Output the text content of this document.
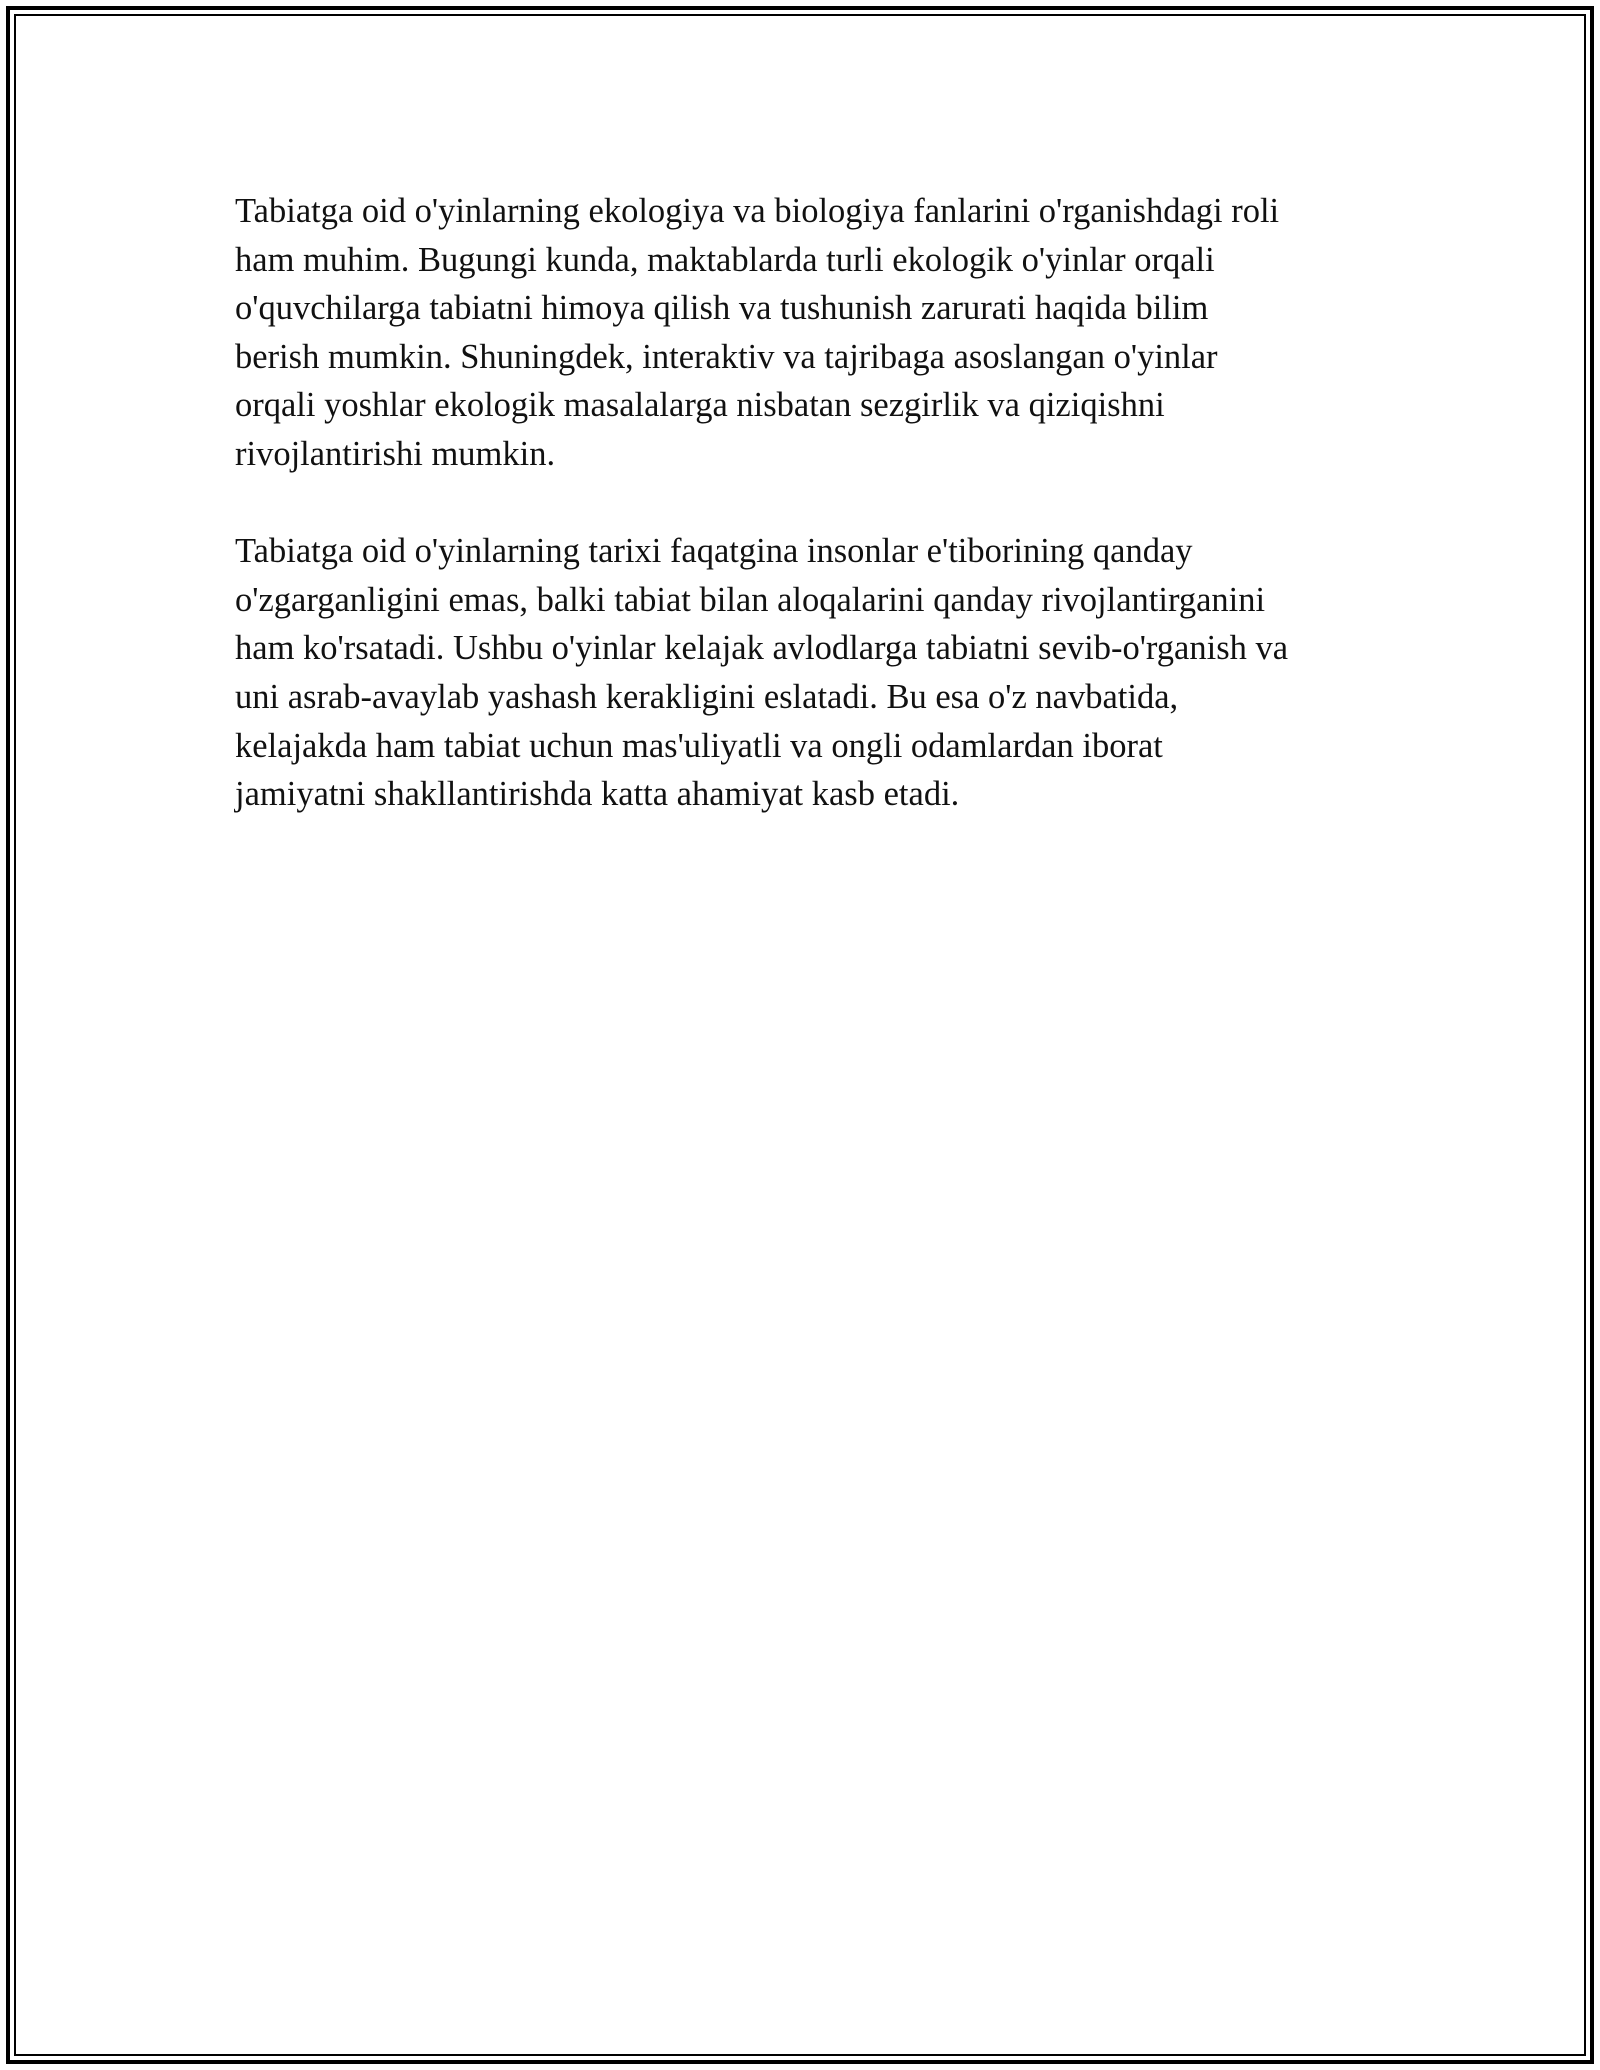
Tabiatga oid o'yinlarning ekologiya va biologiya fanlarini o'rganishdagi roli
ham muhim. Bugungi kunda, maktablarda turli ekologik o'yinlar orqali
o'quvchilarga tabiatni himoya qilish va tushunish zarurati haqida bilim
berish mumkin. Shuningdek, interaktiv va tajribaga asoslangan o'yinlar
orqali yoshlar ekologik masalalarga nisbatan sezgirlik va qiziqishni
rivojlantirishi mumkin.
Tabiatga oid o'yinlarning tarixi faqatgina insonlar e'tiborining qanday
o'zgarganligini emas, balki tabiat bilan aloqalarini qanday rivojlantirganini
ham ko'rsatadi. Ushbu o'yinlar kelajak avlodlarga tabiatni sevib-o'rganish va
uni asrab-avaylab yashash kerakligini eslatadi. Bu esa o'z navbatida,
kelajakda ham tabiat uchun mas'uliyatli va ongli odamlardan iborat
jamiyatni shakllantirishda katta ahamiyat kasb etadi.
